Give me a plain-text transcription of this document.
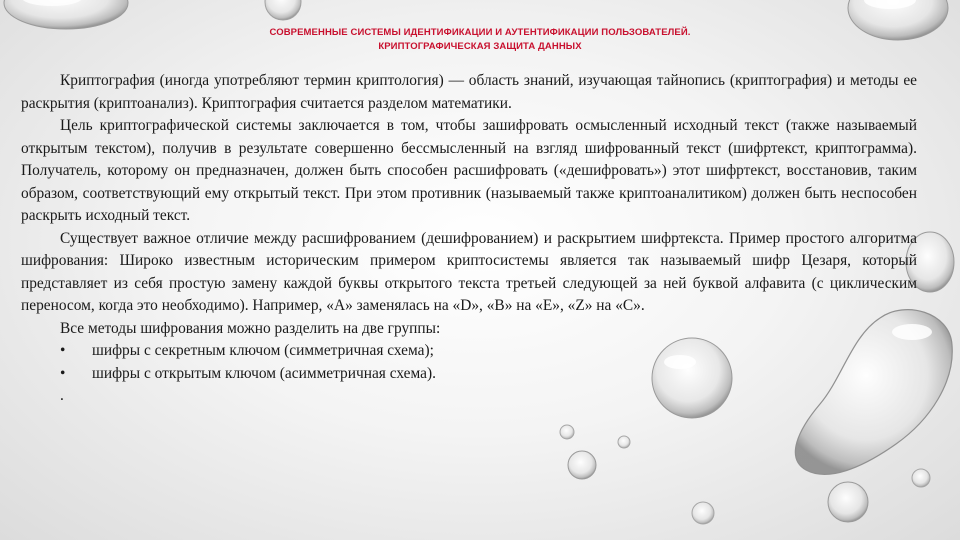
СОВРЕМЕННЫЕ СИСТЕМЫ ИДЕНТИФИКАЦИИ И АУТЕНТИФИКАЦИИ ПОЛЬЗОВАТЕЛЕЙ.
КРИПТОГРАФИЧЕСКАЯ ЗАЩИТА ДАННЫХ

Криптография (иногда употребляют термин криптология) — область знаний, изучающая тайнопись (криптография) и методы ее раскрытия (криптоанализ). Криптография считается разделом математики.

Цель криптографической системы заключается в том, чтобы зашифровать осмысленный исходный текст (также называемый открытым текстом), получив в результате совершенно бессмысленный на взгляд шифрованный текст (шифртекст, криптограмма). Получатель, которому он предназначен, должен быть способен расшифровать («дешифровать») этот шифртекст, восстановив, таким образом, соответствующий ему открытый текст. При этом противник (называемый также криптоаналитиком) должен быть неспособен раскрыть исходный текст.

Существует важное отличие между расшифрованием (дешифрованием) и раскрытием шифртекста. Пример простого алгоритма шифрования: Широко известным историческим примером криптосистемы является так называемый шифр Цезаря, который представляет из себя простую замену каждой буквы открытого текста третьей следующей за ней буквой алфавита (с циклическим переносом, когда это необходимо). Например, «А» заменялась на «D», «В» на «Е», «Z» на «C».

Все методы шифрования можно разделить на две группы:

• шифры с секретным ключом (симметричная схема);
• шифры с открытым ключом (асимметричная схема).
.
